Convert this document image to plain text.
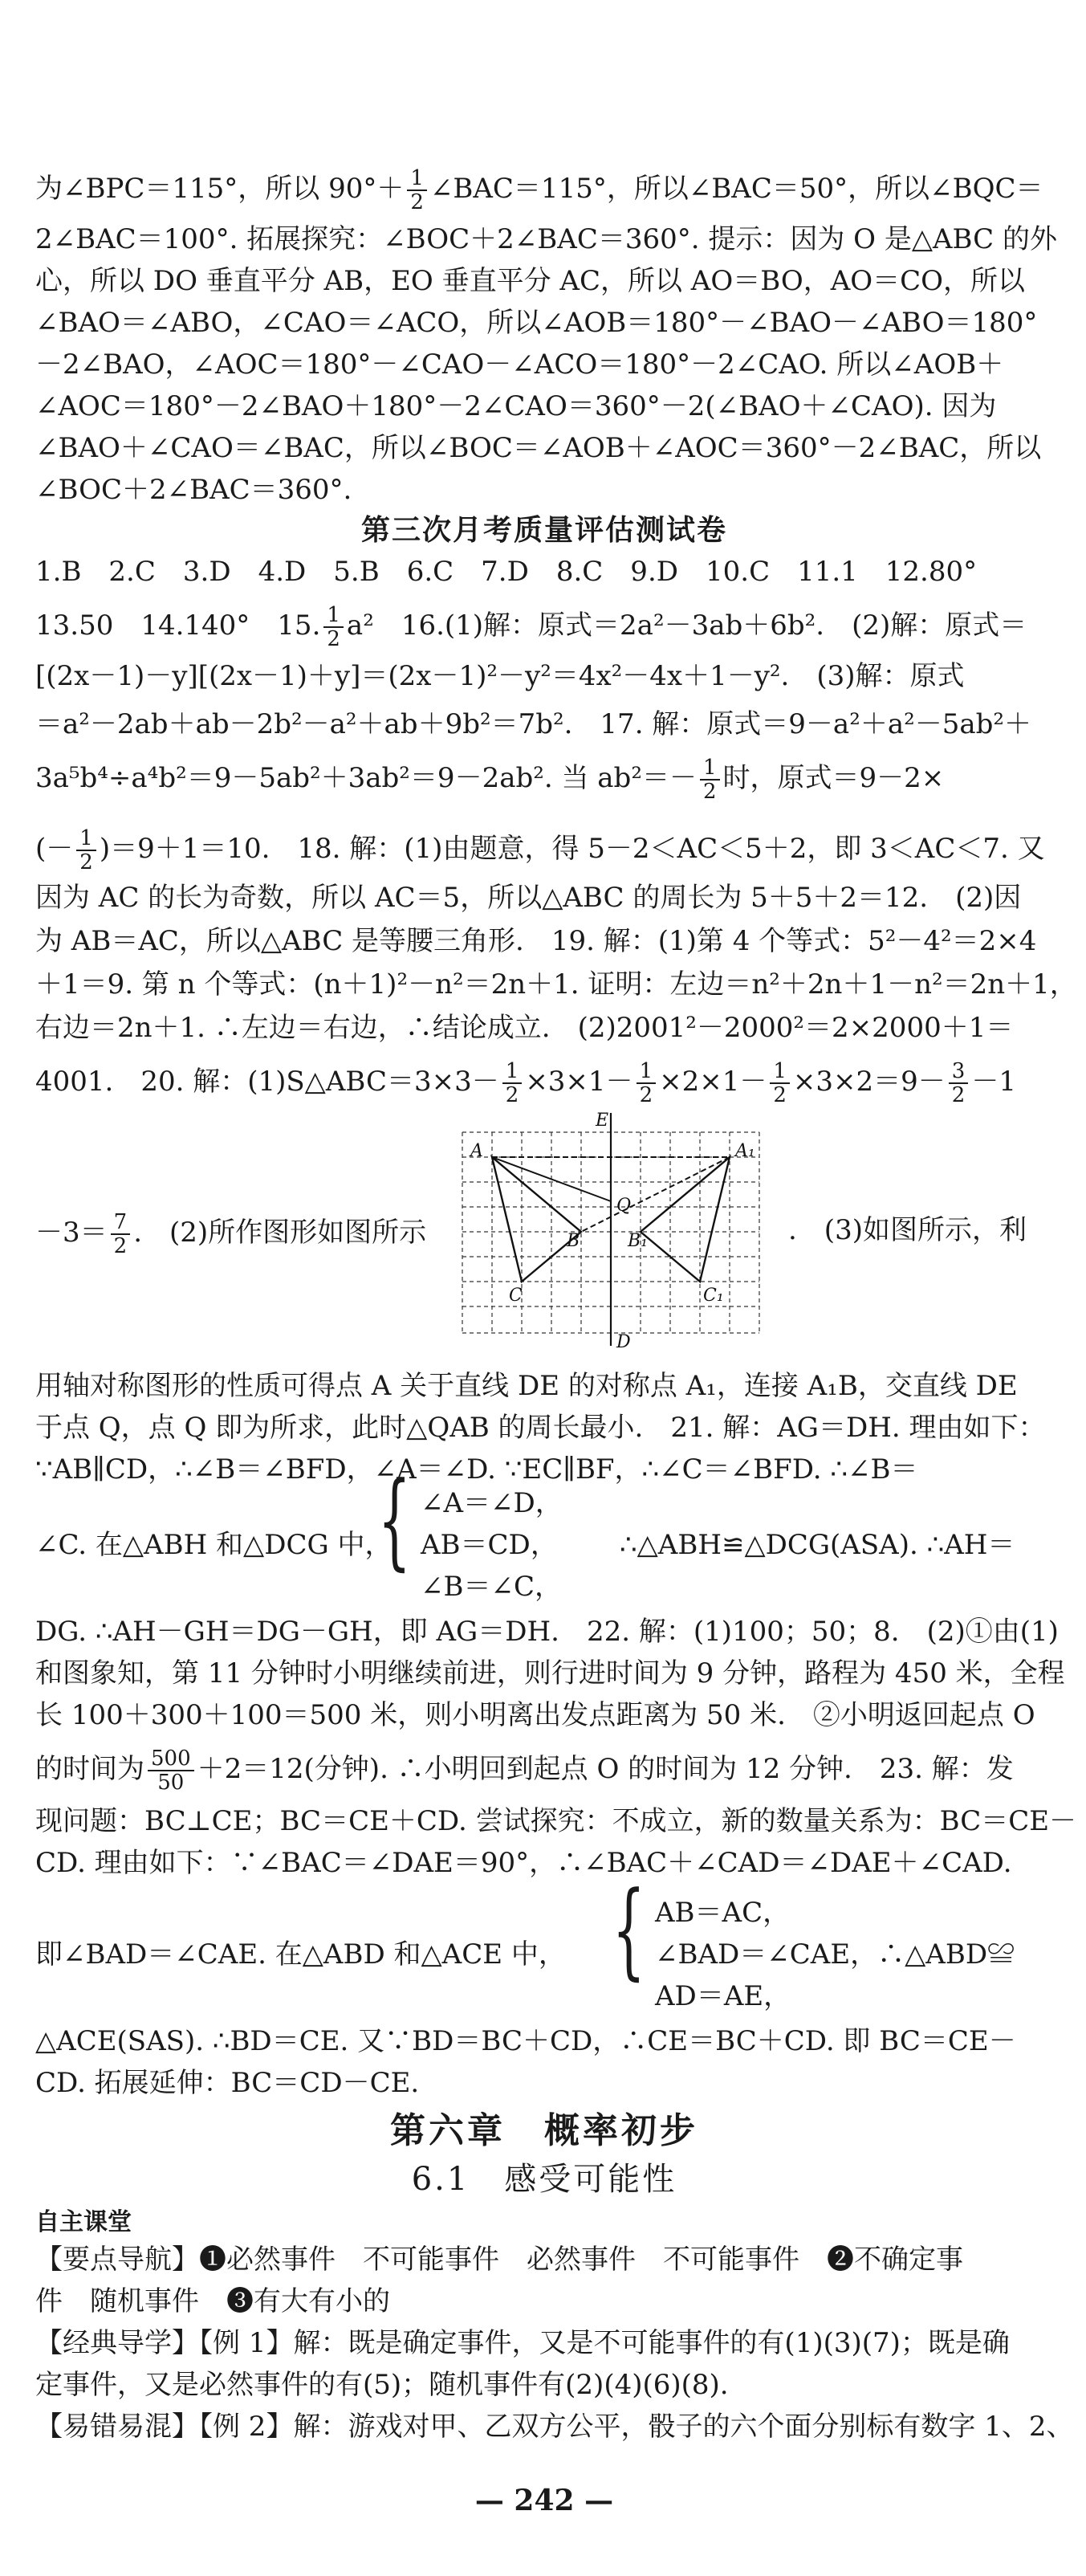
为∠BPC＝115°，所以 $90^\circ+ \frac{1}{2}$ ∠BAC＝115°，所以∠BAC＝50°，所以∠BQC＝
2∠BAC＝100°. 拓展探究：∠BOC＋2∠BAC＝360°. 提示：因为 O 是△ABC 的外
心，所以 DO 垂直平分 AB，EO 垂直平分 AC，所以 AO＝BO，AO＝CO，所以
∠BAO＝∠ABO，∠CAO＝∠ACO，所以∠AOB＝180°－∠BAO－∠ABO＝180°
－2∠BAO，∠AOC＝180°－∠CAO－∠ACO＝180°－2∠CAO. 所以∠AOB＋
∠AOC＝180°－2∠BAO＋180°－2∠CAO＝360°－2(∠BAO＋∠CAO). 因为
∠BAO＋∠CAO＝∠BAC，所以∠BOC＝∠AOB＋∠AOC＝360°－2∠BAC，所以
∠BOC＋2∠BAC＝360°.
第三次月考质量评估测试卷
1.B　2.C　3.D　4.D　5.B　6.C　7.D　8.C　9.D　10.C　11.1　12.80°
13.50　14.140°　15. $\frac{1}{2} a^2$　16.(1)解：原式＝2a²－3ab＋6b².　(2)解：原式＝
[(2x－1)－y][(2x－1)＋y]＝(2x－1)²－y²＝4x²－4x＋1－y².　(3)解：原式
＝a²－2ab＋ab－2b²－a²＋ab＋9b²＝7b².　17. 解：原式＝9－a²＋a²－5ab²＋
3a⁵b⁴÷a⁴b²＝9－5ab²＋3ab²＝9－2ab². 当 $ab^2=- \frac{1}{2}$ 时，原式＝9－2×
(－ $\frac{1}{2} )=9+1=10$.　18. 解：(1)由题意，得 5－2＜AC＜5＋2，即 3＜AC＜7. 又
因为 AC 的长为奇数，所以 AC＝5，所以△ABC 的周长为 5＋5＋2＝12.　(2)因
为 AB＝AC，所以△ABC 是等腰三角形.　19. 解：(1)第 4 个等式：5²－4²＝2×4
＋1＝9. 第 n 个等式：(n＋1)²－n²＝2n＋1. 证明：左边＝n²＋2n＋1－n²＝2n＋1，
右边＝2n＋1. ∴左边＝右边，∴结论成立.　(2)2001²－2000²＝2×2000＋1＝
4001.　20. 解：(1)S△ABC＝3×3－ $\frac{1}{2} \times 3\times 1- \frac{1}{2} \times 2\times 1- \frac{1}{2} \times 3\times 2=9- \frac{3}{2} -1$
$-3= \frac{7}{2}$ .　(2)所作图形如图所示	.　(3)如图所示，利
A	A₁
B	B₁
C	C₁
Q
E
D
用轴对称图形的性质可得点 A 关于直线 DE 的对称点 A₁，连接 A₁B，交直线 DE
于点 Q，点 Q 即为所求，此时△QAB 的周长最小.　21. 解：AG＝DH. 理由如下：
∵AB∥CD，∴∠B＝∠BFD，∠A＝∠D. ∵EC∥BF，∴∠C＝∠BFD. ∴∠B＝
∠C. 在△ABH 和△DCG 中，
{ ∠A＝∠D，
AB＝CD，	∴△ABH≌△DCG(ASA). ∴AH＝
∠B＝∠C，
DG. ∴AH－GH＝DG－GH，即 AG＝DH.　22. 解：(1)100；50；8.　(2)①由(1)
和图象知，第 11 分钟时小明继续前进，则行进时间为 9 分钟，路程为 450 米，全程
长 100＋300＋100＝500 米，则小明离出发点距离为 50 米.　②小明返回起点 O
的时间为 $\frac{500}{50} +2=12$(分钟). ∴小明回到起点 O 的时间为 12 分钟.　23. 解：发
现问题：BC⊥CE；BC＝CE＋CD. 尝试探究：不成立，新的数量关系为：BC＝CE－
CD. 理由如下：∵∠BAC＝∠DAE＝90°，∴∠BAC＋∠CAD＝∠DAE＋∠CAD.
{ AB＝AC，
即∠BAD＝∠CAE. 在△ABD 和△ACE 中，	∠BAD＝∠CAE，∴△ABD≌
AD＝AE，
△ACE(SAS). ∴BD＝CE. 又∵BD＝BC＋CD，∴CE＝BC＋CD. 即 BC＝CE－
CD. 拓展延伸：BC＝CD－CE.
第六章　概率初步
6.1　感受可能性
自主课堂
【要点导航】❶必然事件　不可能事件　必然事件　不可能事件　❷不确定事
件　随机事件　❸有大有小的
【经典导学】【例 1】解：既是确定事件，又是不可能事件的有(1)(3)(7)；既是确
定事件，又是必然事件的有(5)；随机事件有(2)(4)(6)(8).
【易错易混】【例 2】解：游戏对甲、乙双方公平，骰子的六个面分别标有数字 1、2、
— 242 —
